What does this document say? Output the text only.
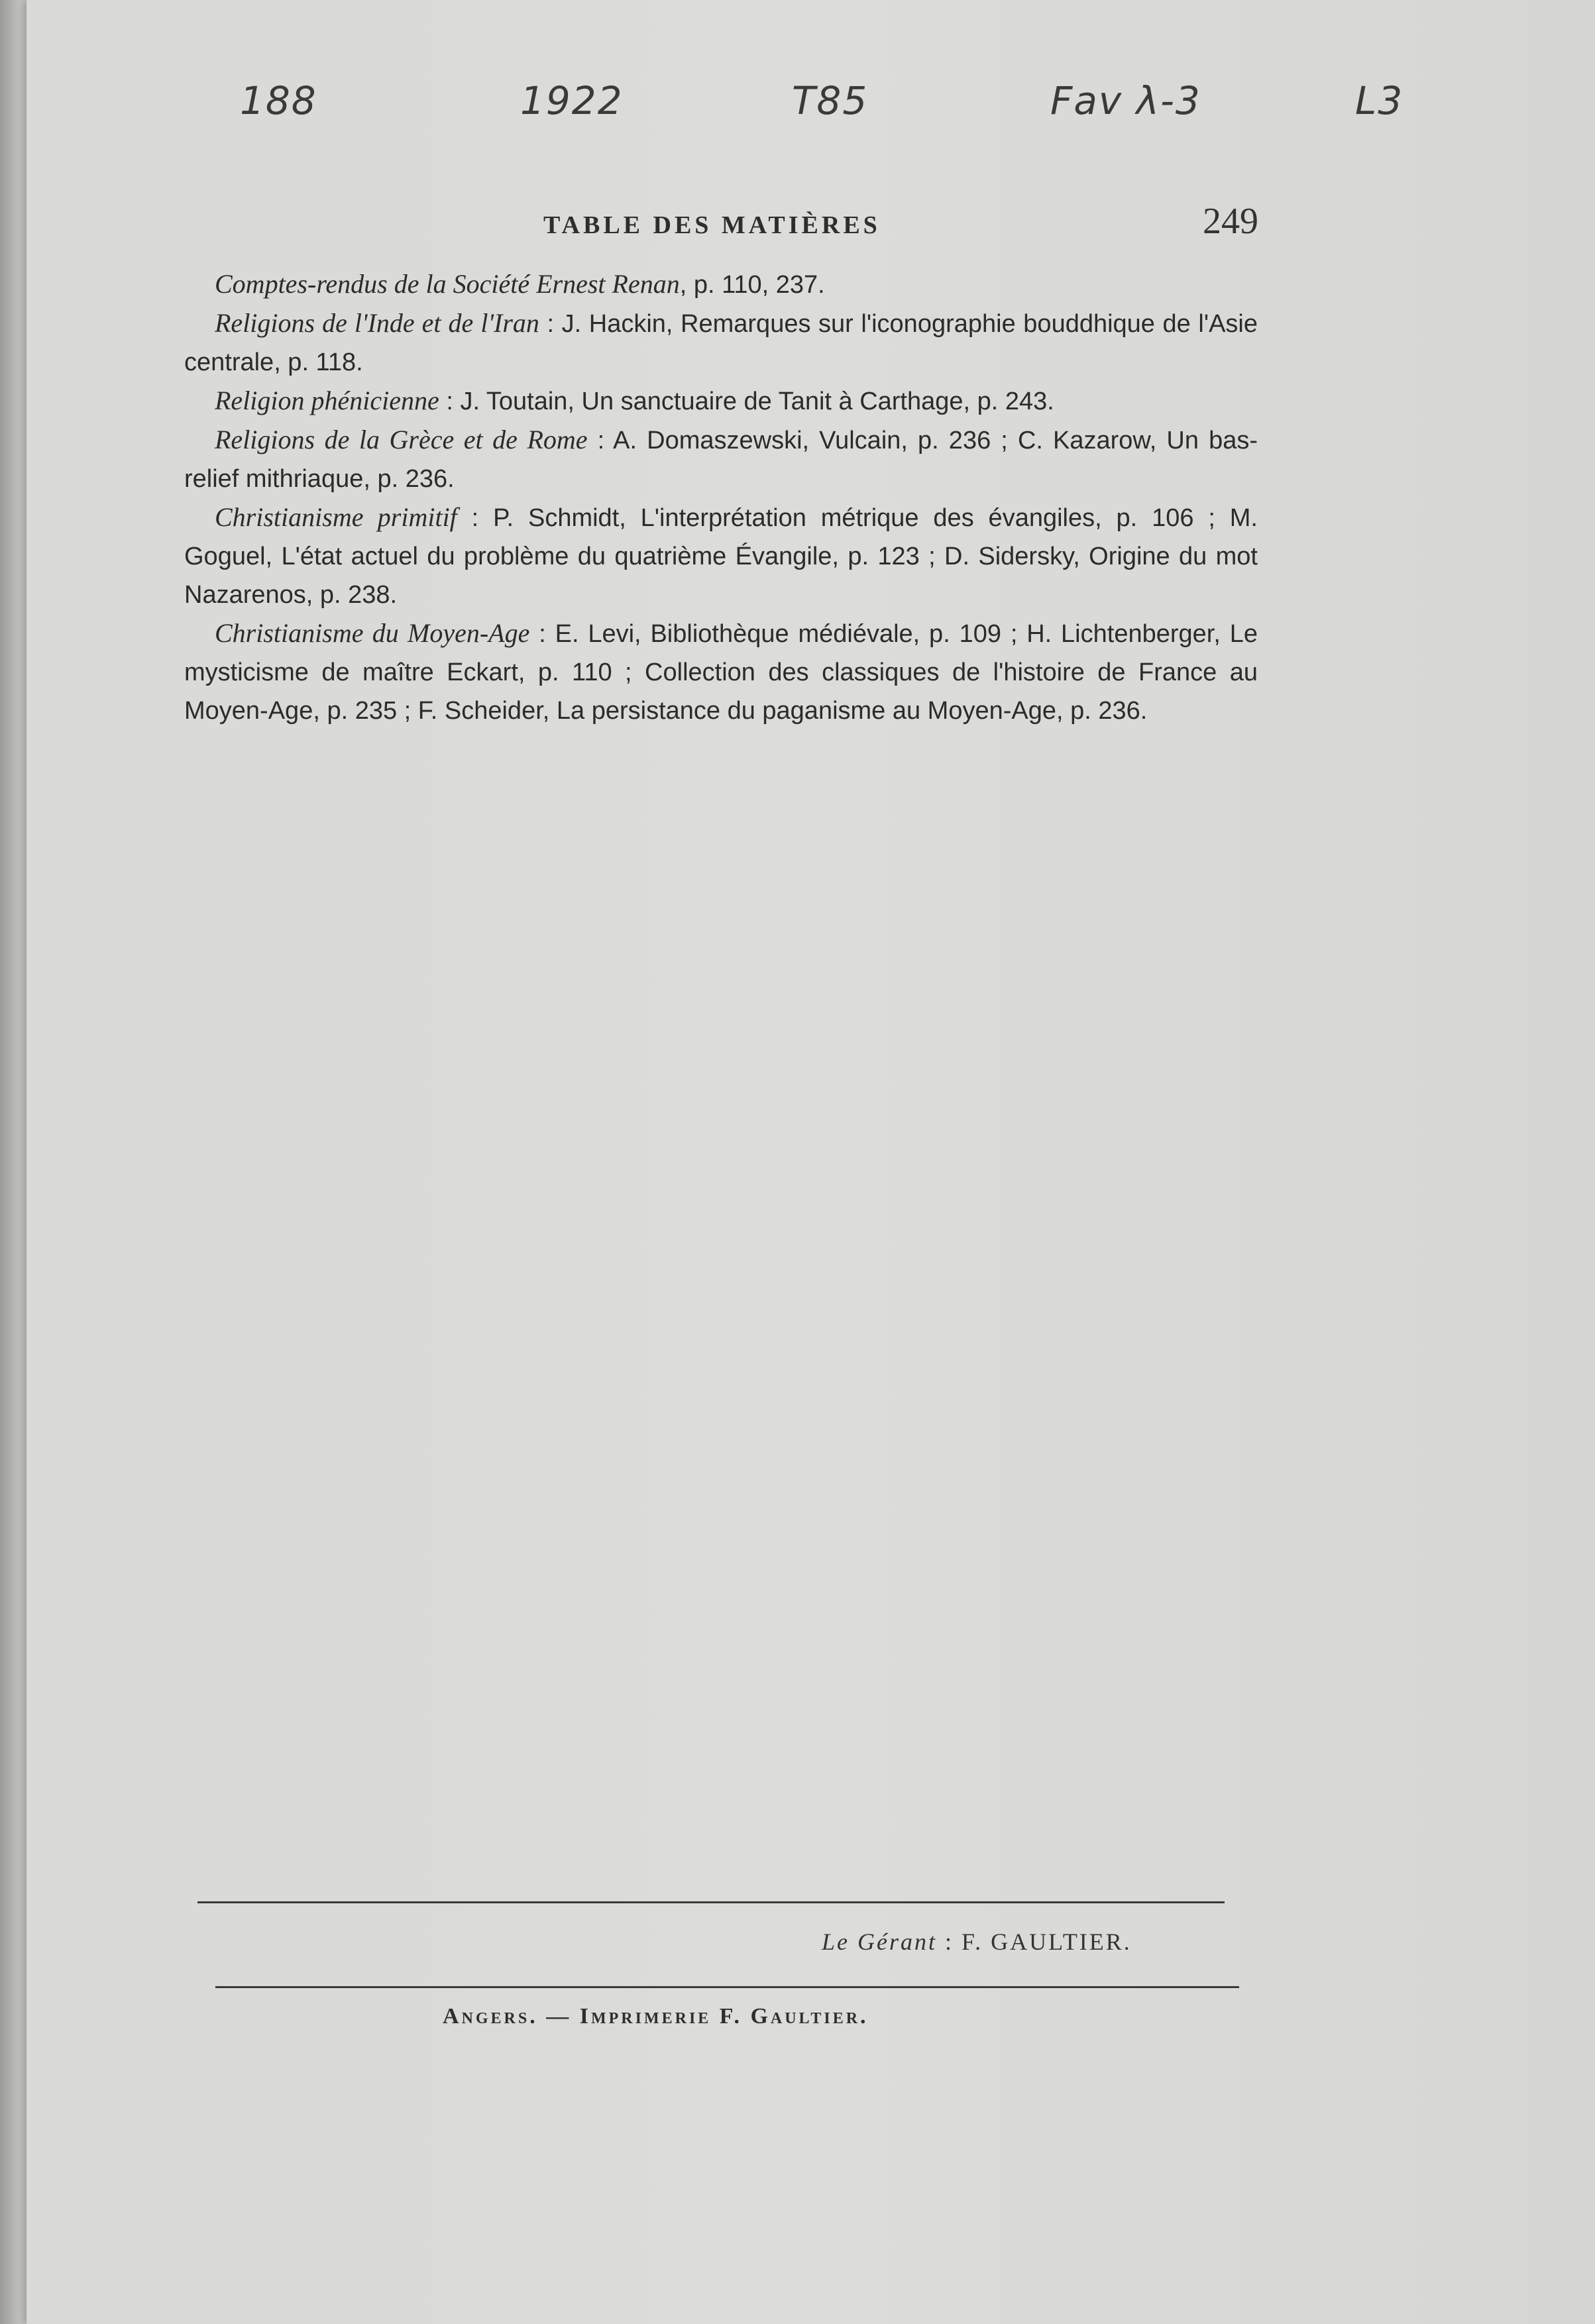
188	1922	T85	Fav λ-3	L3
TABLE DES MATIÈRES	249

Comptes-rendus de la Société Ernest Renan, p. 110, 237.

Religions de l'Inde et de l'Iran : J. Hackin, Remarques sur l'iconographie bouddhique de l'Asie centrale, p. 118.

Religion phénicienne : J. Toutain, Un sanctuaire de Tanit à Carthage, p. 243.

Religions de la Grèce et de Rome : A. Domaszewski, Vulcain, p. 236 ; C. Kazarow, Un bas-relief mithriaque, p. 236.

Christianisme primitif : P. Schmidt, L'interprétation métrique des évangiles, p. 106 ; M. Goguel, L'état actuel du problème du quatrième Évangile, p. 123 ; D. Sidersky, Origine du mot Nazarenos, p. 238.

Christianisme du Moyen-Age : E. Levi, Bibliothèque médiévale, p. 109 ; H. Lichtenberger, Le mysticisme de maître Eckart, p. 110 ; Collection des classiques de l'histoire de France au Moyen-Age, p. 235 ; F. Scheider, La persistance du paganisme au Moyen-Age, p. 236.

Le Gérant : F. GAULTIER.
Angers. — Imprimerie F. Gaultier.
